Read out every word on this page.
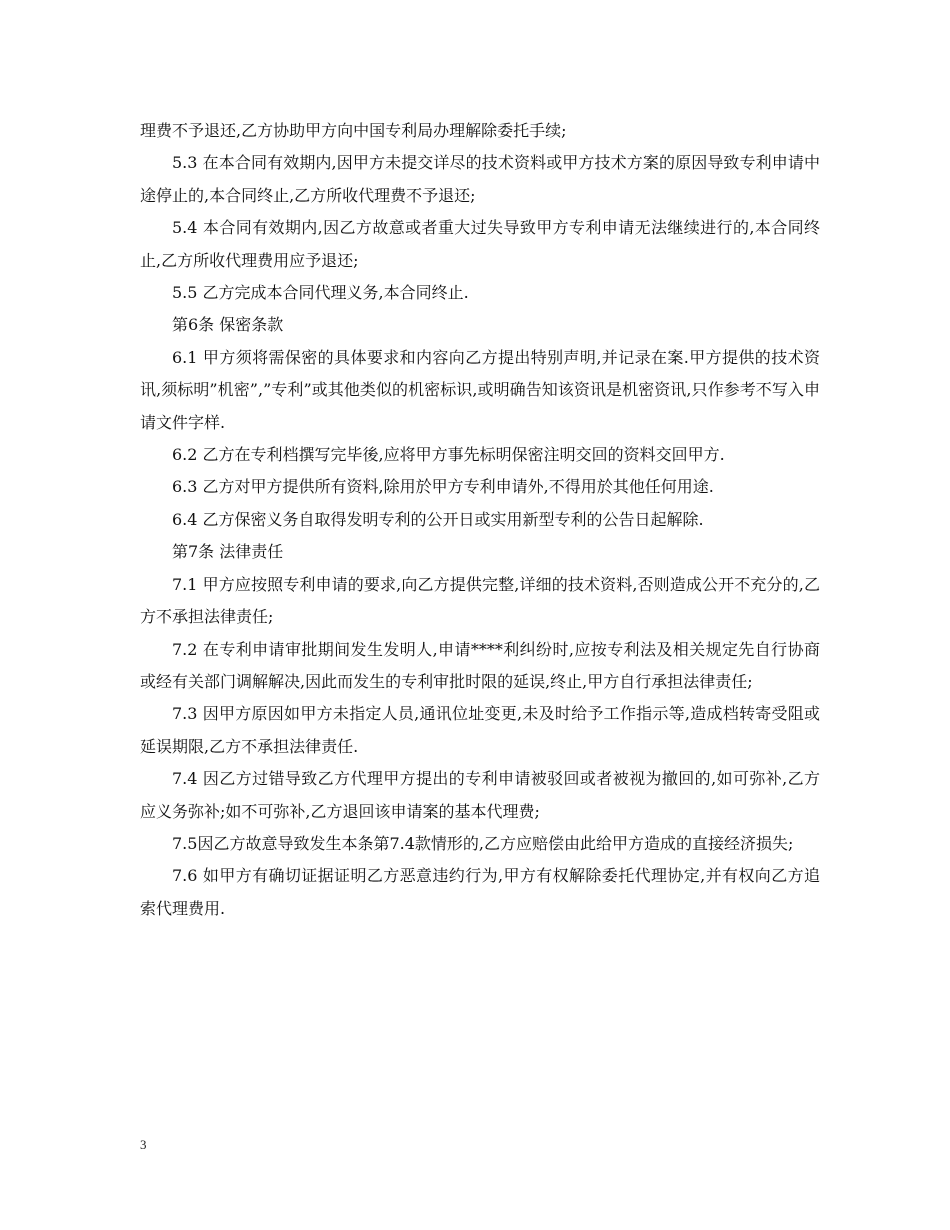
理费不予退还,乙方协助甲方向中国专利局办理解除委托手续;

5.3 在本合同有效期内,因甲方未提交详尽的技术资料或甲方技术方案的原因导致专利申请中途停止的,本合同终止,乙方所收代理费不予退还;

5.4 本合同有效期内,因乙方故意或者重大过失导致甲方专利申请无法继续进行的,本合同终止,乙方所收代理费用应予退还;

5.5 乙方完成本合同代理义务,本合同终止.

第6条 保密条款

6.1 甲方须将需保密的具体要求和内容向乙方提出特别声明,并记录在案.甲方提供的技术资讯,须标明”机密”,”专利”或其他类似的机密标识,或明确告知该资讯是机密资讯,只作参考不写入申请文件字样.

6.2 乙方在专利档撰写完毕後,应将甲方事先标明保密注明交回的资料交回甲方.

6.3 乙方对甲方提供所有资料,除用於甲方专利申请外,不得用於其他任何用途.

6.4 乙方保密义务自取得发明专利的公开日或实用新型专利的公告日起解除.

第7条 法律责任

7.1 甲方应按照专利申请的要求,向乙方提供完整,详细的技术资料,否则造成公开不充分的,乙方不承担法律责任;

7.2 在专利申请审批期间发生发明人,申请****利纠纷时,应按专利法及相关规定先自行协商或经有关部门调解解决,因此而发生的专利审批时限的延误,终止,甲方自行承担法律责任;

7.3 因甲方原因如甲方未指定人员,通讯位址变更,未及时给予工作指示等,造成档转寄受阻或延误期限,乙方不承担法律责任.

7.4 因乙方过错导致乙方代理甲方提出的专利申请被驳回或者被视为撤回的,如可弥补,乙方应义务弥补;如不可弥补,乙方退回该申请案的基本代理费;

7.5因乙方故意导致发生本条第7.4款情形的,乙方应赔偿由此给甲方造成的直接经济损失;

7.6 如甲方有确切证据证明乙方恶意违约行为,甲方有权解除委托代理协定,并有权向乙方追索代理费用.

3
